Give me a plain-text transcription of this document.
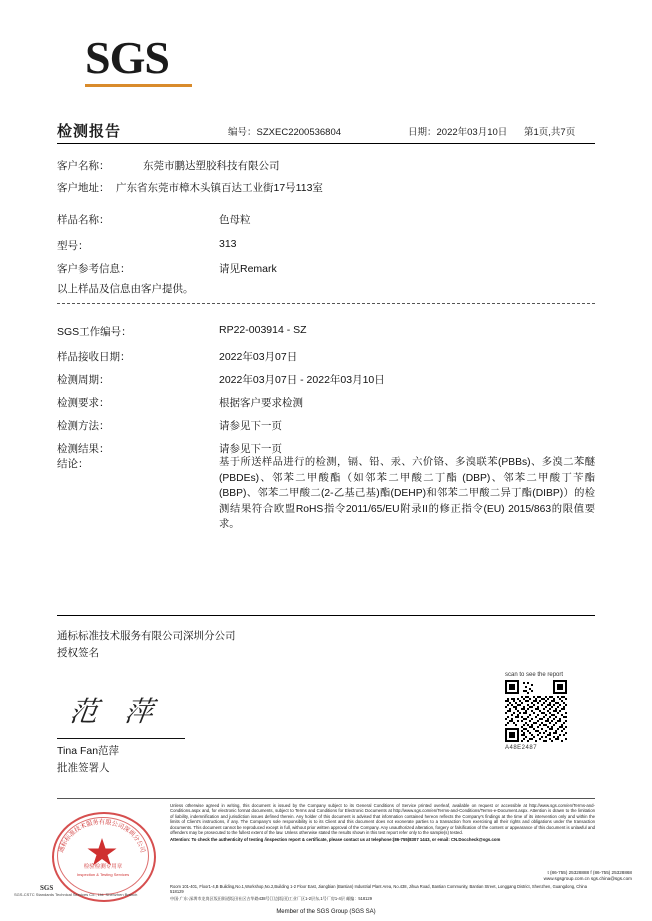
SGS
检测报告	编号：SZXEC2200536804	日期：2022年03月10日 第1页,共7页
客户名称：	东莞市鹏达塑胶科技有限公司
客户地址： 广东省东莞市樟木头镇百达工业街17号113室
样品名称：	色母粒
型号：	313
客户参考信息：	请见Remark
以上样品及信息由客户提供。
SGS工作编号：	RP22-003914 - SZ
样品接收日期：	2022年03月07日
检测周期：	2022年03月07日 - 2022年03月10日
检测要求：	根据客户要求检测
检测方法：	请参见下一页
检测结果：	请参见下一页
结论：	基于所送样品进行的检测，镉、铅、汞、六价铬、多溴联苯(PBBs)、多溴二苯醚(PBDEs)、邻苯二甲酸酯（如邻苯二甲酸二丁酯 (DBP)、邻苯二甲酸丁苄酯(BBP)、邻苯二甲酸二(2-乙基己基)酯(DEHP)和邻苯二甲酸二异丁酯(DIBP)）的检测结果符合欧盟RoHS指令2011/65/EU附录II的修正指令(EU) 2015/863的限值要求。
通标标准技术服务有限公司深圳分公司
授权签名
范 萍
Tina Fan范萍
批准签署人
scan to see the report
A48E2487
Unless otherwise agreed in writing, this document is issued by the Company subject to its General Conditions of Service printed overleaf, available on request or accessible at http://www.sgs.com/en/Terms-and-Conditions.aspx and, for electronic format documents, subject to Terms and Conditions for Electronic Documents at http://www.sgs.com/en/Terms-and-Conditions/Terms-e-Document.aspx. Attention is drawn to the limitation of liability, indemnification and jurisdiction issues defined therein. Any holder of this document is advised that information contained hereon reflects the Company's findings at the time of its intervention only and within the limits of Client's instructions, if any. The Company's sole responsibility is to its Client and this document does not exonerate parties to a transaction from exercising all their rights and obligations under the transaction documents. This document cannot be reproduced except in full, without prior written approval of the Company. Any unauthorized alteration, forgery or falsification of the content or appearance of this document is unlawful and offenders may be prosecuted to the fullest extent of the law. Unless otherwise stated the results shown in this test report refer only to the sample(s) tested.
Attention: To check the authenticity of testing /inspection report & certificate, please contact us at telephone:(86-755)8307 1443, or email: CN.Doccheck@sgs.com
通标标准技术服务有限公司深圳分公司
检验检测专用章
Inspection & Testing Services
SGS
SGS-CSTC Standards Technical Services Co., Ltd. Shenzhen Branch
Room 101-401, Floor1-4,B Building,No.1,Workshop,No.2,Building 1-2 Floor East, Jiangbian (Bantian) Industrial Plant Area, No.438, Jihua Road, Bantian Community, Bantian Street, Longgang District, Shenzhen, Guangdong, China 518129
中国·广东·深圳市龙岗区坂田街道坂田社区吉华路438号江边(坂田)工业厂区1-2层东,1号厂房1-4层 邮编：518129
t (86-755) 25328888 f (86-755) 25328868
www.sgsgroup.com.cn sgs.china@sgs.com
Member of the SGS Group (SGS SA)
